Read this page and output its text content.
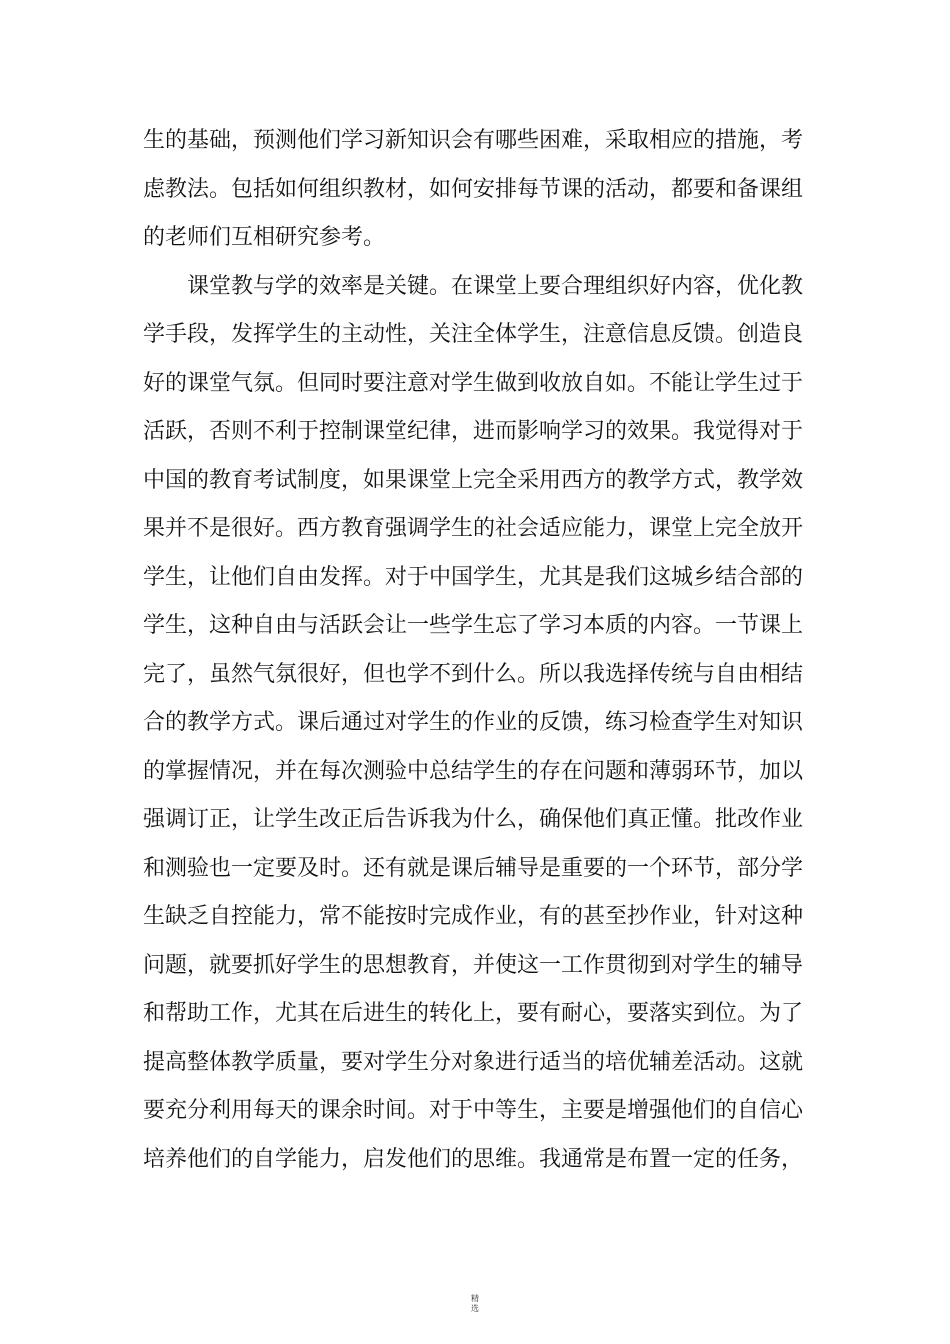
生的基础，预测他们学习新知识会有哪些困难，采取相应的措施，考
虑教法。包括如何组织教材，如何安排每节课的活动，都要和备课组
的老师们互相研究参考。
课堂教与学的效率是关键。在课堂上要合理组织好内容，优化教
学手段，发挥学生的主动性，关注全体学生，注意信息反馈。创造良
好的课堂气氛。但同时要注意对学生做到收放自如。不能让学生过于
活跃，否则不利于控制课堂纪律，进而影响学习的效果。我觉得对于
中国的教育考试制度，如果课堂上完全采用西方的教学方式，教学效
果并不是很好。西方教育强调学生的社会适应能力，课堂上完全放开
学生，让他们自由发挥。对于中国学生，尤其是我们这城乡结合部的
学生，这种自由与活跃会让一些学生忘了学习本质的内容。一节课上
完了，虽然气氛很好，但也学不到什么。所以我选择传统与自由相结
合的教学方式。课后通过对学生的作业的反馈，练习检查学生对知识
的掌握情况，并在每次测验中总结学生的存在问题和薄弱环节，加以
强调订正，让学生改正后告诉我为什么，确保他们真正懂。批改作业
和测验也一定要及时。还有就是课后辅导是重要的一个环节，部分学
生缺乏自控能力，常不能按时完成作业，有的甚至抄作业，针对这种
问题，就要抓好学生的思想教育，并使这一工作贯彻到对学生的辅导
和帮助工作，尤其在后进生的转化上，要有耐心，要落实到位。为了
提高整体教学质量，要对学生分对象进行适当的培优辅差活动。这就
要充分利用每天的课余时间。对于中等生，主要是增强他们的自信心
培养他们的自学能力，启发他们的思维。我通常是布置一定的任务，
精
选
